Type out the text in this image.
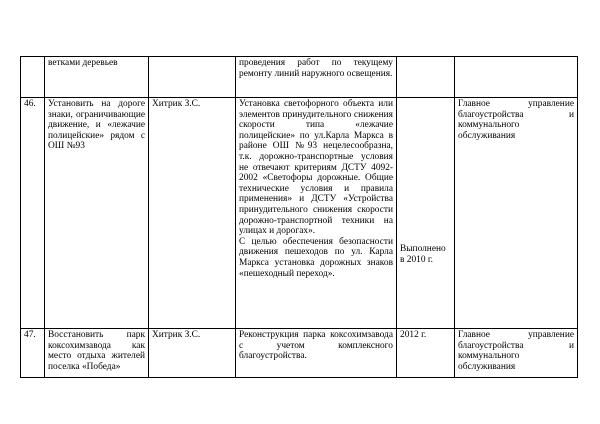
	ветками деревьев		проведения работ по текущему ремонту линий наружного освещения.		

46.	Установить на дороге знаки, ограничивающие движение, и «лежачие полицейские» рядом с ОШ №93	Хитрик З.С.	Установка светофорного объекта или элементов принудительного снижения скорости типа «лежачие полицейские» по ул.Карла Маркса в районе ОШ №93 нецелесообразна, т.к. дорожно-транспортные условия не отвечают критериям ДСТУ 4092-2002 «Светофоры дорожные. Общие технические условия и правила применения» и ДСТУ «Устройства принудительного снижения скорости дорожно-транспортной техники на улицах и дорогах».

С целью обеспечения безопасности движения пешеходов по ул. Карла Маркса установка дорожных знаков «пешеходный переход».	Выполнено в 2010 г.	Главное управление благоустройства и коммунального обслуживания
47.	Восстановить парк коксохимзавода как место отдыха жителей поселка «Победа»	Хитрик З.С.	Реконструкция парка коксохимзавода с учетом комплексного благоустройства.	2012 г.	Главное управление благоустройства и коммунального обслуживания
